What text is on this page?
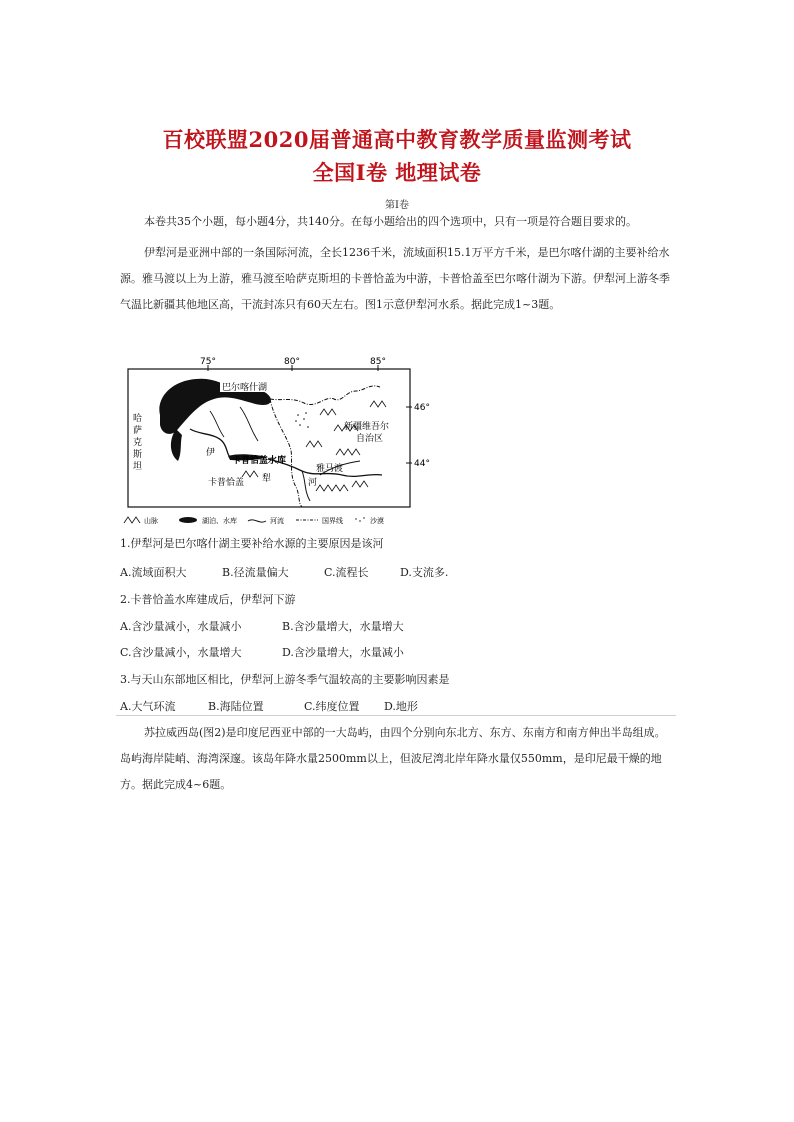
百校联盟2020届普通高中教育教学质量监测考试
全国I卷 地理试卷
第I卷

本卷共35个小题，每小题4分，共140分。在每小题给出的四个选项中，只有一项是符合题目要求的。

伊犁河是亚洲中部的一条国际河流，全长1236千米，流域面积15.1万平方千米，是巴尔喀什湖的主要补给水源。雅马渡以上为上游，雅马渡至哈萨克斯坦的卡普恰盖为中游，卡普恰盖至巴尔喀什湖为下游。伊犁河上游冬季气温比新疆其他地区高，干流封冻只有60天左右。图1示意伊犁河水系。据此完成1~3题。

75°	80°	85°
46°
44°
巴尔喀什湖
哈萨克斯坦
新疆维吾尔
自治区
伊
卡普恰盖水库
卡普恰盖 犁	河
雅马渡
山脉	湖泊、水库	河流	国界线	沙漠
1.伊犁河是巴尔喀什湖主要补给水源的主要原因是该河
A.流域面积大	B.径流量偏大	C.流程长	D.支流多.
2.卡普恰盖水库建成后，伊犁河下游
A.含沙量减小，水量减小	B.含沙量增大，水量增大
C.含沙量减小，水量增大	D.含沙量增大，水量减小
3.与天山东部地区相比，伊犁河上游冬季气温较高的主要影响因素是
A.大气环流	B.海陆位置	C.纬度位置 D.地形

苏拉威西岛(图2)是印度尼西亚中部的一大岛屿，由四个分别向东北方、东方、东南方和南方伸出半岛组成。岛屿海岸陡峭、海湾深邃。该岛年降水量2500mm以上，但波尼湾北岸年降水量仅550mm，是印尼最干燥的地方。据此完成4~6题。
